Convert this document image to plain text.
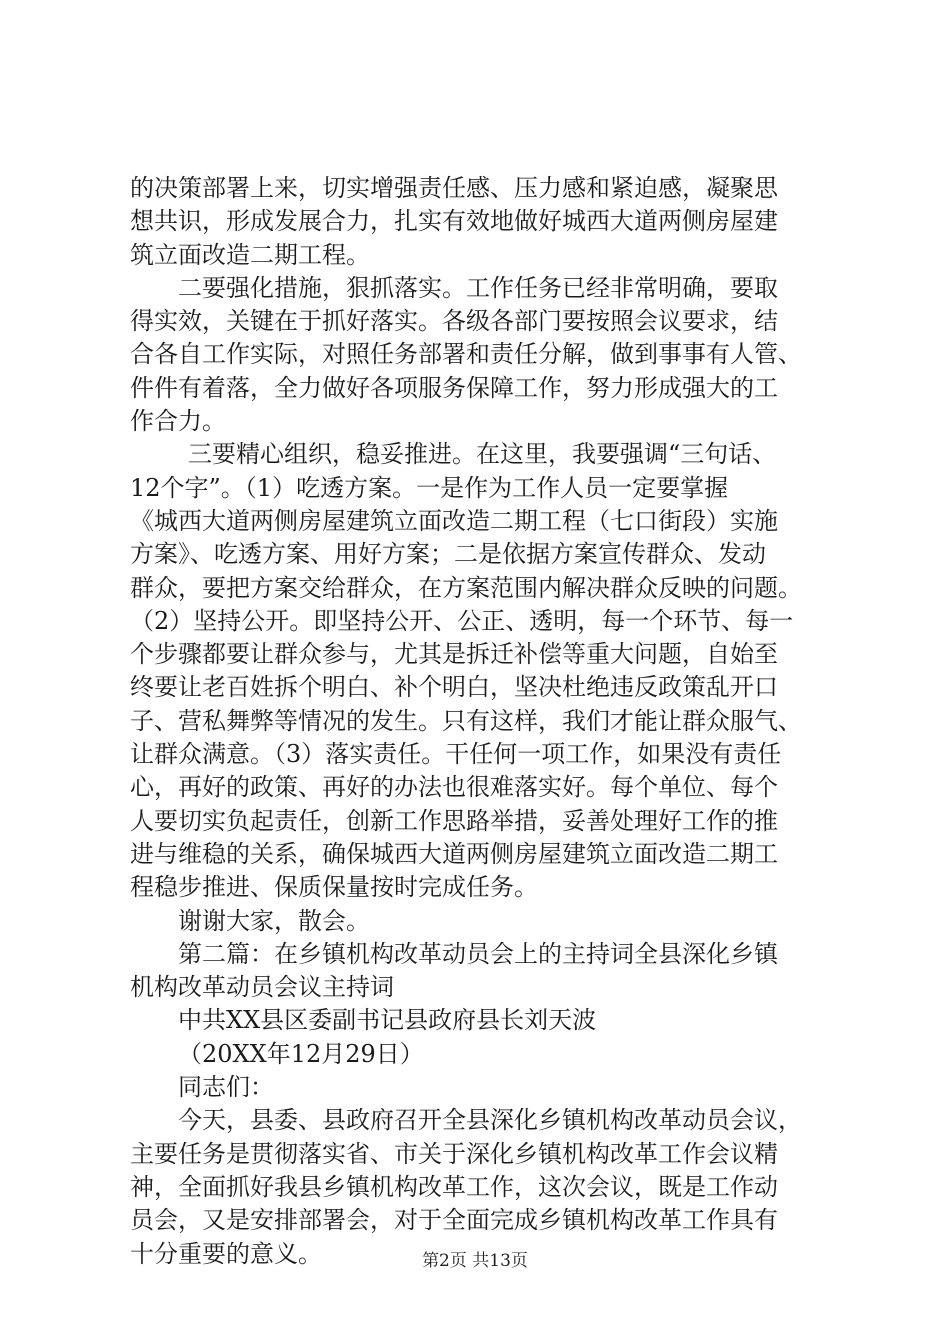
的决策部署上来，切实增强责任感、压力感和紧迫感，凝聚思
想共识，形成发展合力，扎实有效地做好城西大道两侧房屋建
筑立面改造二期工程。
二要强化措施，狠抓落实。工作任务已经非常明确，要取
得实效，关键在于抓好落实。各级各部门要按照会议要求，结
合各自工作实际，对照任务部署和责任分解，做到事事有人管、
件件有着落，全力做好各项服务保障工作，努力形成强大的工
作合力。
三要精心组织，稳妥推进。在这里，我要强调“三句话、
12个字”。（1）吃透方案。一是作为工作人员一定要掌握
《城西大道两侧房屋建筑立面改造二期工程（七口街段）实施
方案》、吃透方案、用好方案；二是依据方案宣传群众、发动
群众，要把方案交给群众，在方案范围内解决群众反映的问题。
（2）坚持公开。即坚持公开、公正、透明，每一个环节、每一
个步骤都要让群众参与，尤其是拆迁补偿等重大问题，自始至
终要让老百姓拆个明白、补个明白，坚决杜绝违反政策乱开口
子、营私舞弊等情况的发生。只有这样，我们才能让群众服气、
让群众满意。（3）落实责任。干任何一项工作，如果没有责任
心，再好的政策、再好的办法也很难落实好。每个单位、每个
人要切实负起责任，创新工作思路举措，妥善处理好工作的推
进与维稳的关系，确保城西大道两侧房屋建筑立面改造二期工
程稳步推进、保质保量按时完成任务。
谢谢大家，散会。
第二篇：在乡镇机构改革动员会上的主持词全县深化乡镇
机构改革动员会议主持词
中共XX县区委副书记县政府县长刘天波
（20XX年12月29日）
同志们：
今天，县委、县政府召开全县深化乡镇机构改革动员会议，
主要任务是贯彻落实省、市关于深化乡镇机构改革工作会议精
神，全面抓好我县乡镇机构改革工作，这次会议，既是工作动
员会，又是安排部署会，对于全面完成乡镇机构改革工作具有
十分重要的意义。	第2页 共13页
